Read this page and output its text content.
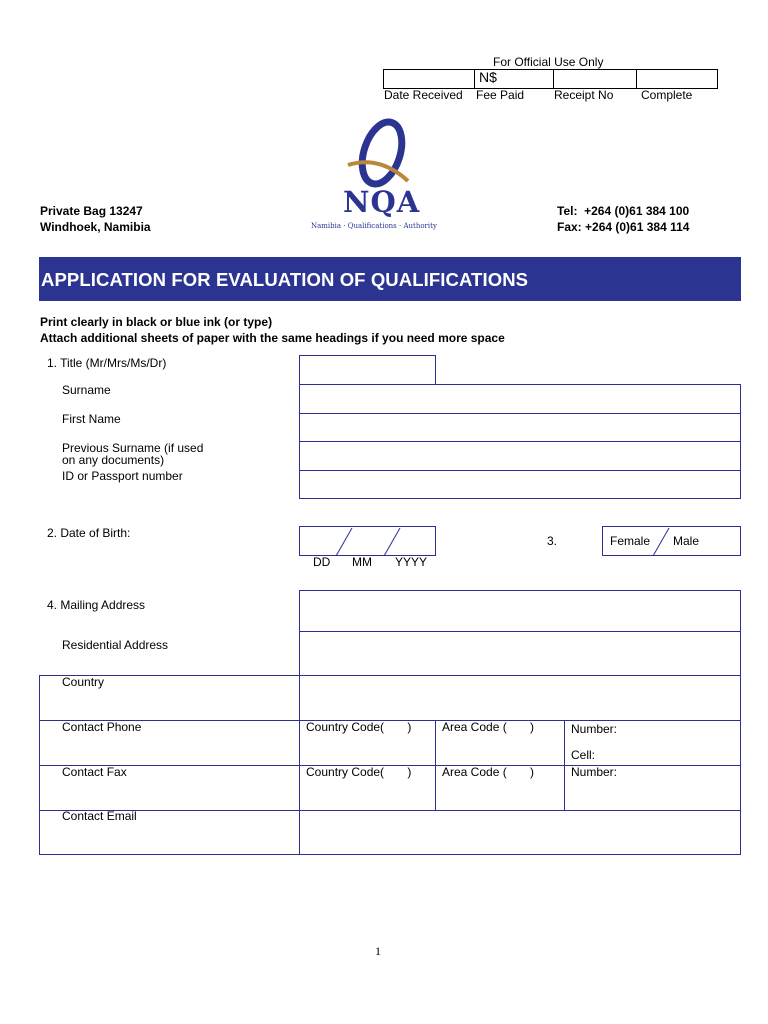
For Official Use Only
N$
Date Received Fee Paid Receipt No Complete
NQA
Namibia · Qualifications · Authority
Private Bag 13247
Windhoek, Namibia
Tel:  +264 (0)61 384 100
Fax: +264 (0)61 384 114
APPLICATION FOR EVALUATION OF QUALIFICATIONS
Print clearly in black or blue ink (or type)
Attach additional sheets of paper with the same headings if you need more space
1. Title (Mr/Mrs/Ms/Dr)
Surname
First Name
Previous Surname (if used
on any documents)
ID or Passport number
2. Date of Birth:
DD MM YYYY
3.	Female Male
4. Mailing Address
Residential Address
Country
Contact Phone	Country Code(       )	Area Code (       )	Number:
Cell:
Contact Fax	Country Code(       )	Area Code (       )	Number:
Contact Email
1
